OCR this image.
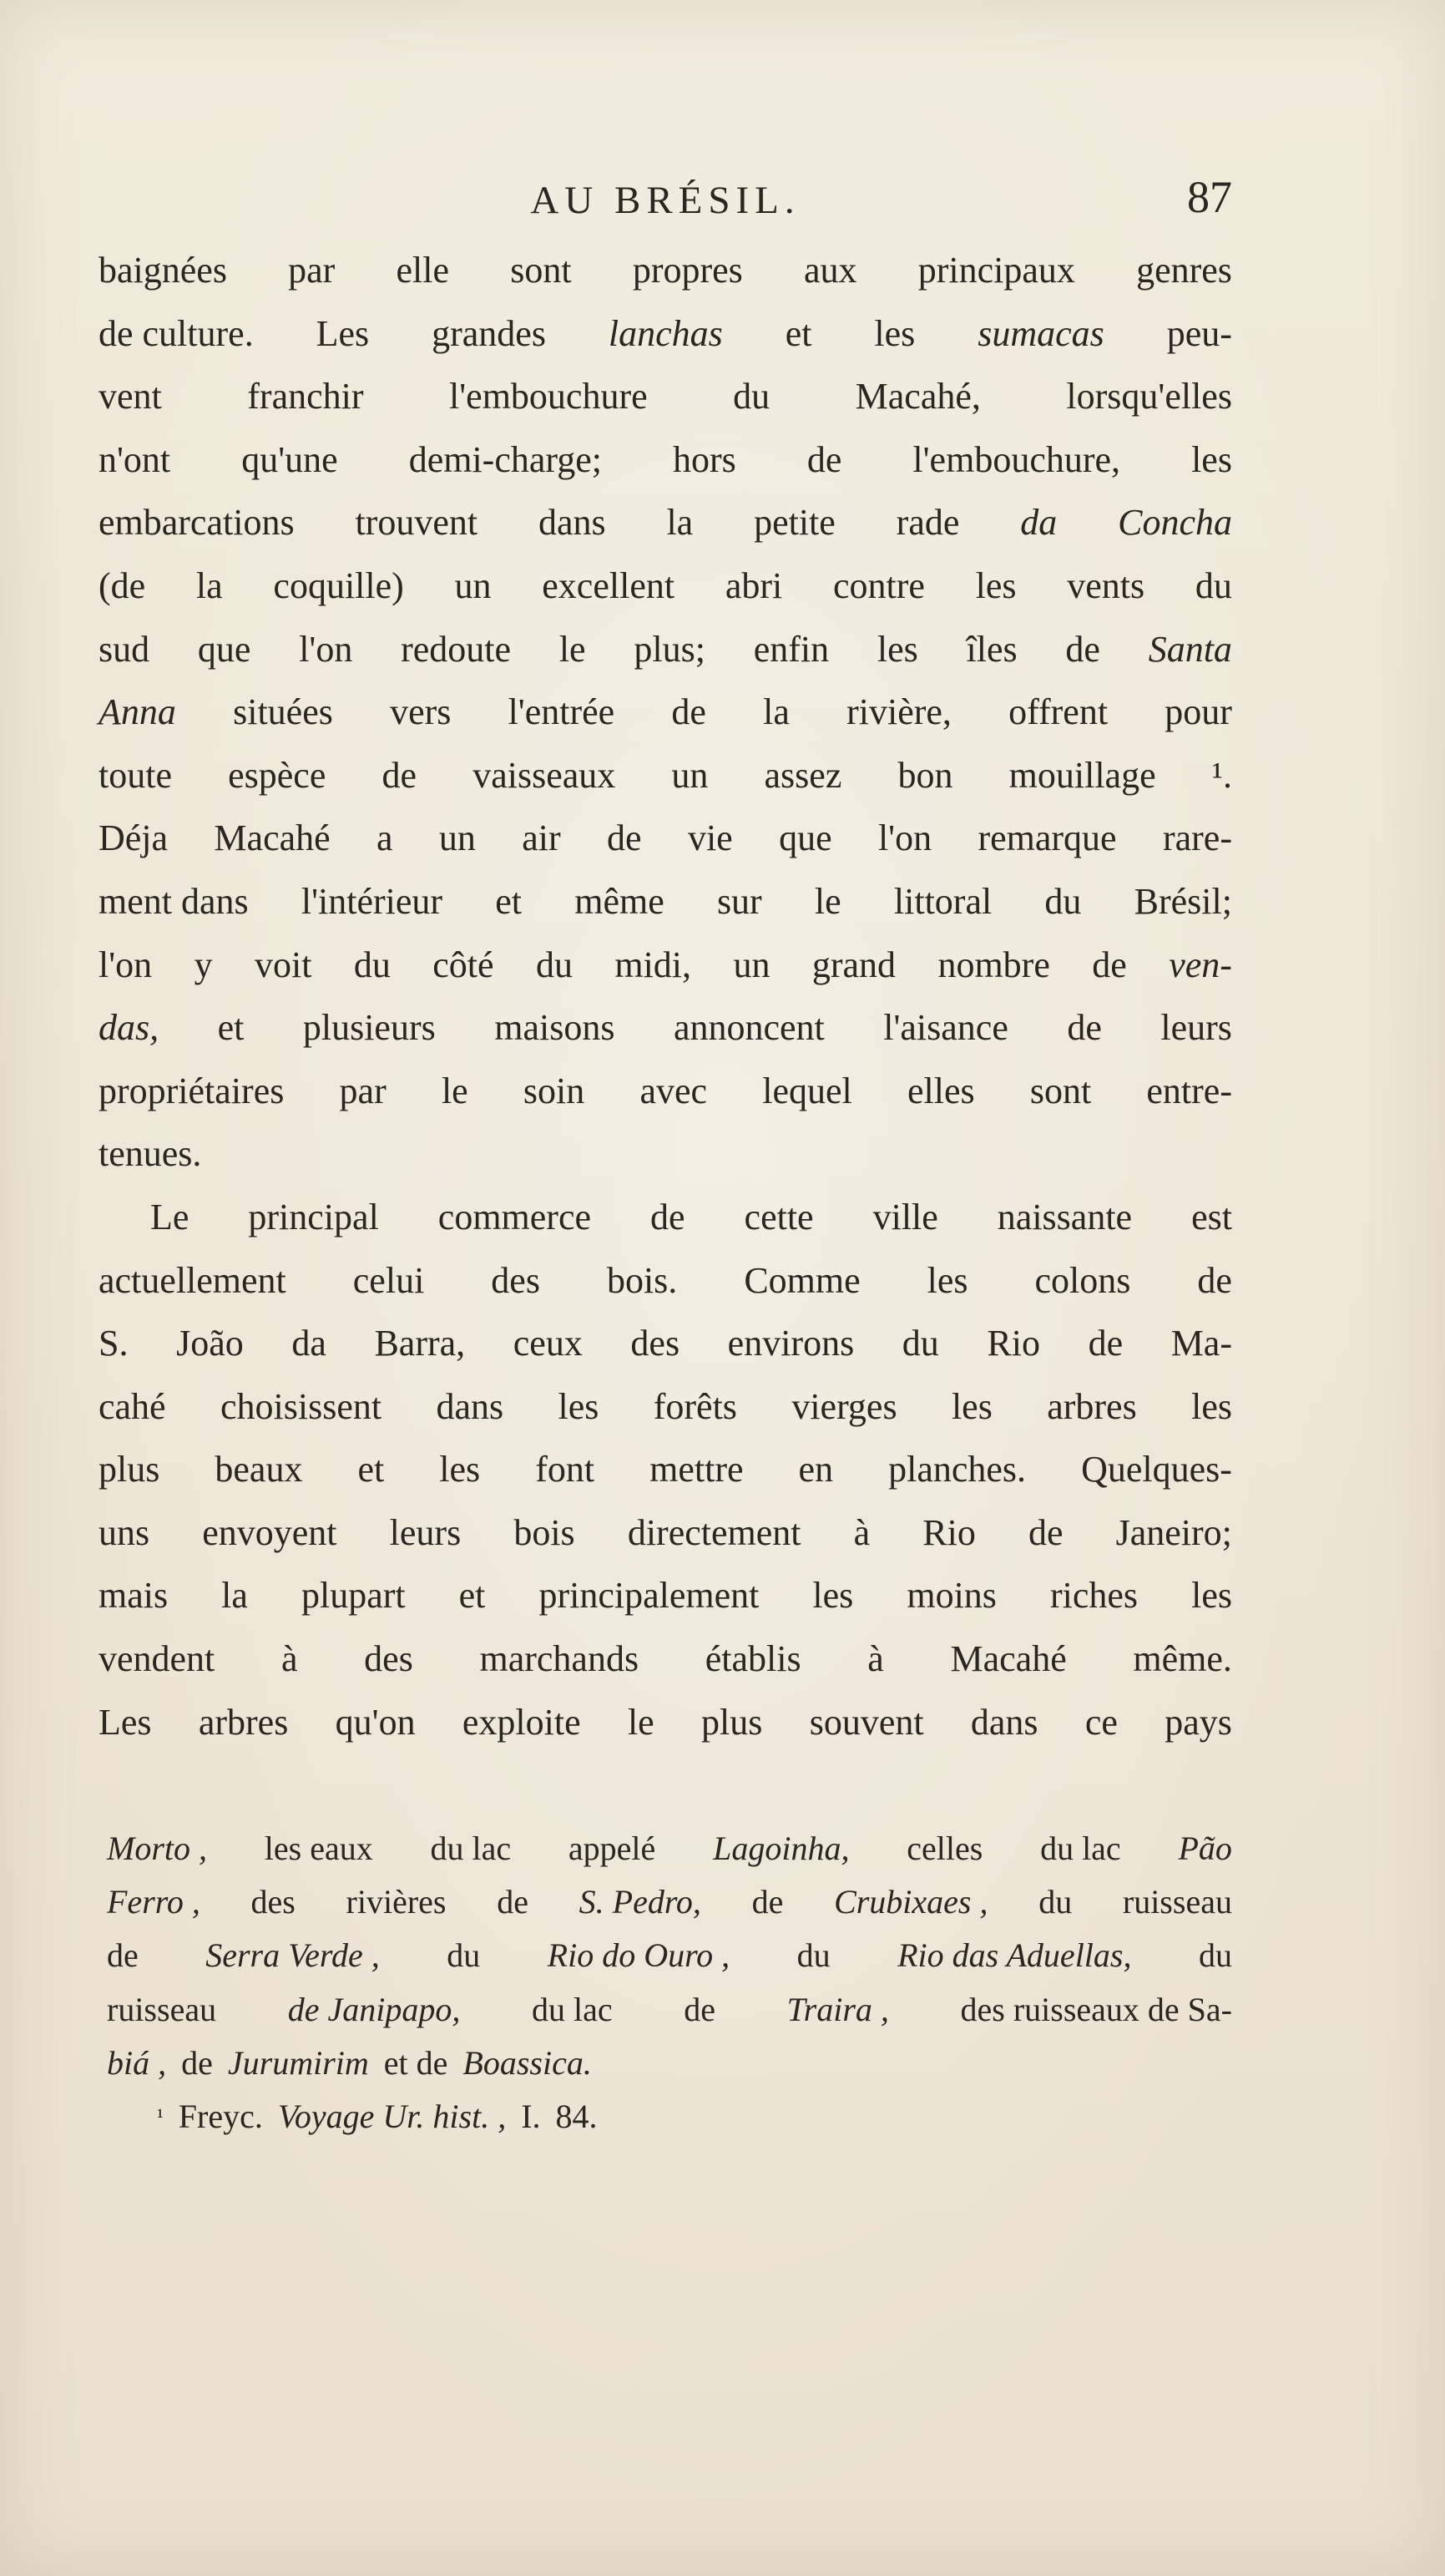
AU BRÉSIL.	87
baignées par elle sont propres aux principaux genres
de culture. Les grandes lanchas et les sumacas peu-
vent franchir l'embouchure du Macahé, lorsqu'elles
n'ont qu'une demi-charge; hors de l'embouchure, les
embarcations trouvent dans la petite rade da Concha
(de la coquille) un excellent abri contre les vents du
sud que l'on redoute le plus; enfin les îles de Santa
Anna situées vers l'entrée de la rivière, offrent pour
toute espèce de vaisseaux un assez bon mouillage ¹.
Déja Macahé a un air de vie que l'on remarque rare-
ment dans l'intérieur et même sur le littoral du Brésil;
l'on y voit du côté du midi, un grand nombre de ven-
das, et plusieurs maisons annoncent l'aisance de leurs
propriétaires par le soin avec lequel elles sont entre-
tenues.
Le principal commerce de cette ville naissante est
actuellement celui des bois. Comme les colons de
S. João da Barra, ceux des environs du Rio de Ma-
cahé choisissent dans les forêts vierges les arbres les
plus beaux et les font mettre en planches. Quelques-
uns envoyent leurs bois directement à Rio de Janeiro;
mais la plupart et principalement les moins riches les
vendent à des marchands établis à Macahé même.
Les arbres qu'on exploite le plus souvent dans ce pays
Morto , les eaux du lac appelé Lagoinha, celles du lac Pão
Ferro , des rivières de S. Pedro, de Crubixaes , du ruisseau
de Serra Verde , du Rio do Ouro , du Rio das Aduellas, du
ruisseau de Janipapo, du lac de Traira , des ruisseaux de Sa-
biá , de Jurumirim et de Boassica.
¹ Freyc. Voyage Ur. hist. , I. 84.
